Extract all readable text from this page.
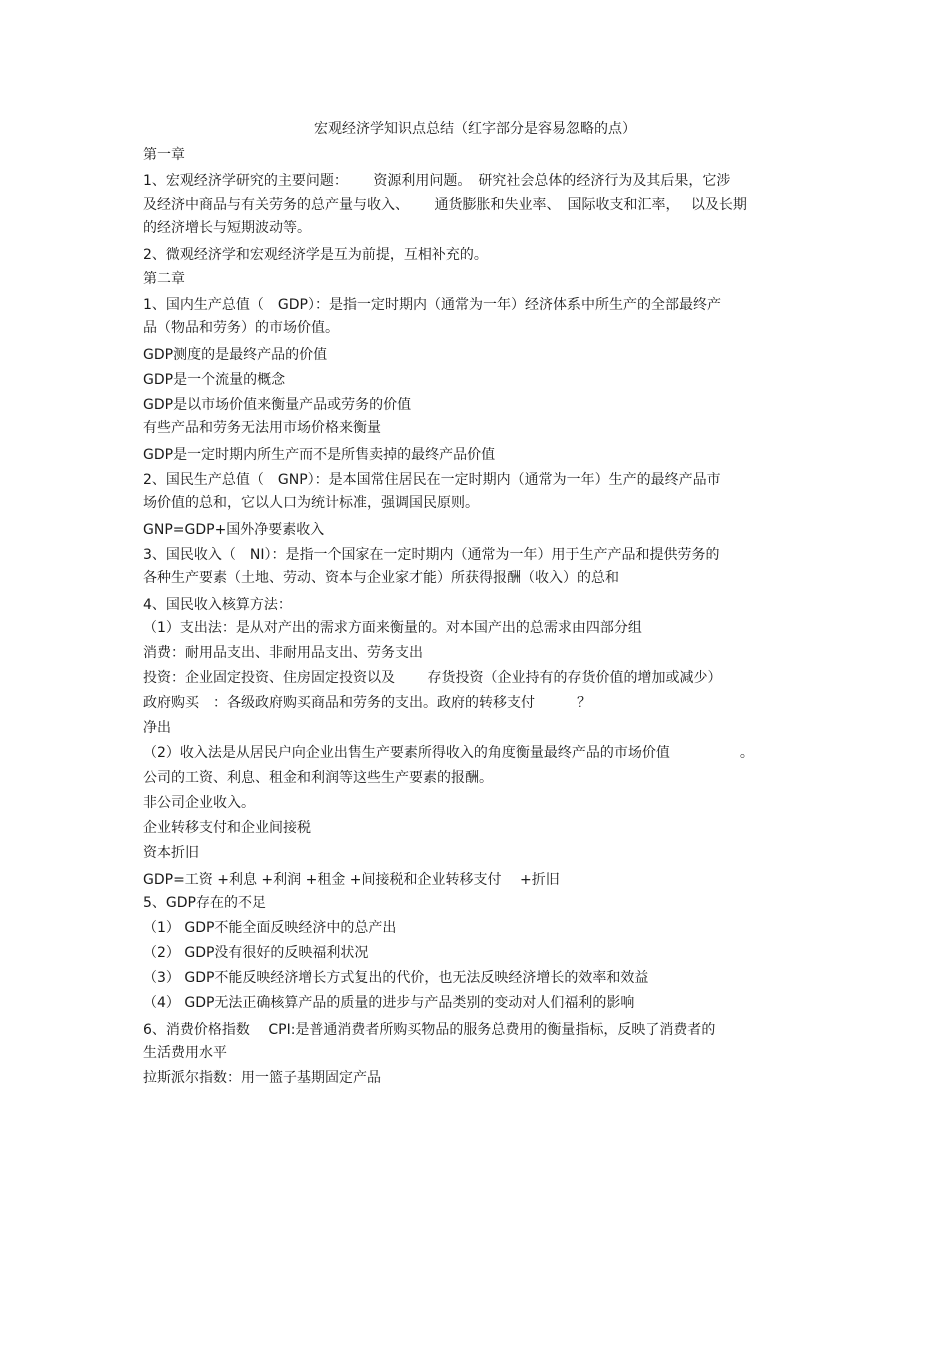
宏观经济学知识点总结（红字部分是容易忽略的点）
第一章
1、宏观经济学研究的主要问题：　　 资源利用问题。　研究社会总体的经济行为及其后果，它涉
及经济中商品与有关劳务的总产量与收入、　　 通货膨胀和失业率、　国际收支和汇率，　 以及长期
的经济增长与短期波动等。
2、微观经济学和宏观经济学是互为前提，互相补充的。
第二章
1、国内生产总值（　GDP）：是指一定时期内（通常为一年）经济体系中所生产的全部最终产
品（物品和劳务）的市场价值。
GDP测度的是最终产品的价值
GDP是一个流量的概念
GDP是以市场价值来衡量产品或劳务的价值
有些产品和劳务无法用市场价格来衡量
GDP是一定时期内所生产而不是所售卖掉的最终产品价值
2、国民生产总值（　GNP）：是本国常住居民在一定时期内（通常为一年）生产的最终产品市
场价值的总和，它以人口为统计标准，强调国民原则。
GNP=GDP+国外净要素收入
3、国民收入（　NI）：是指一个国家在一定时期内（通常为一年）用于生产产品和提供劳务的
各种生产要素（土地、劳动、资本与企业家才能）所获得报酬（收入）的总和
4、国民收入核算方法：
（1）支出法：是从对产出的需求方面来衡量的。对本国产出的总需求由四部分组
消费：耐用品支出、非耐用品支出、劳务支出
投资：企业固定投资、住房固定投资以及　　 存货投资（企业持有的存货价值的增加或减少）
政府购买　：各级政府购买商品和劳务的支出。政府的转移支付　　　？
净出
（2）收入法是从居民户向企业出售生产要素所得收入的角度衡量最终产品的市场价值　　　　　。
公司的工资、利息、租金和利润等这些生产要素的报酬。
非公司企业收入。
企业转移支付和企业间接税
资本折旧
GDP=工资 +利息 +利润 +租金 +间接税和企业转移支付　 +折旧
5、GDP存在的不足
（1） GDP不能全面反映经济中的总产出
（2） GDP没有很好的反映福利状况
（3） GDP不能反映经济增长方式复出的代价，也无法反映经济增长的效率和效益
（4） GDP无法正确核算产品的质量的进步与产品类别的变动对人们福利的影响
6、消费价格指数　 CPI:是普通消费者所购买物品的服务总费用的衡量指标，反映了消费者的
生活费用水平
拉斯派尔指数：用一篮子基期固定产品
